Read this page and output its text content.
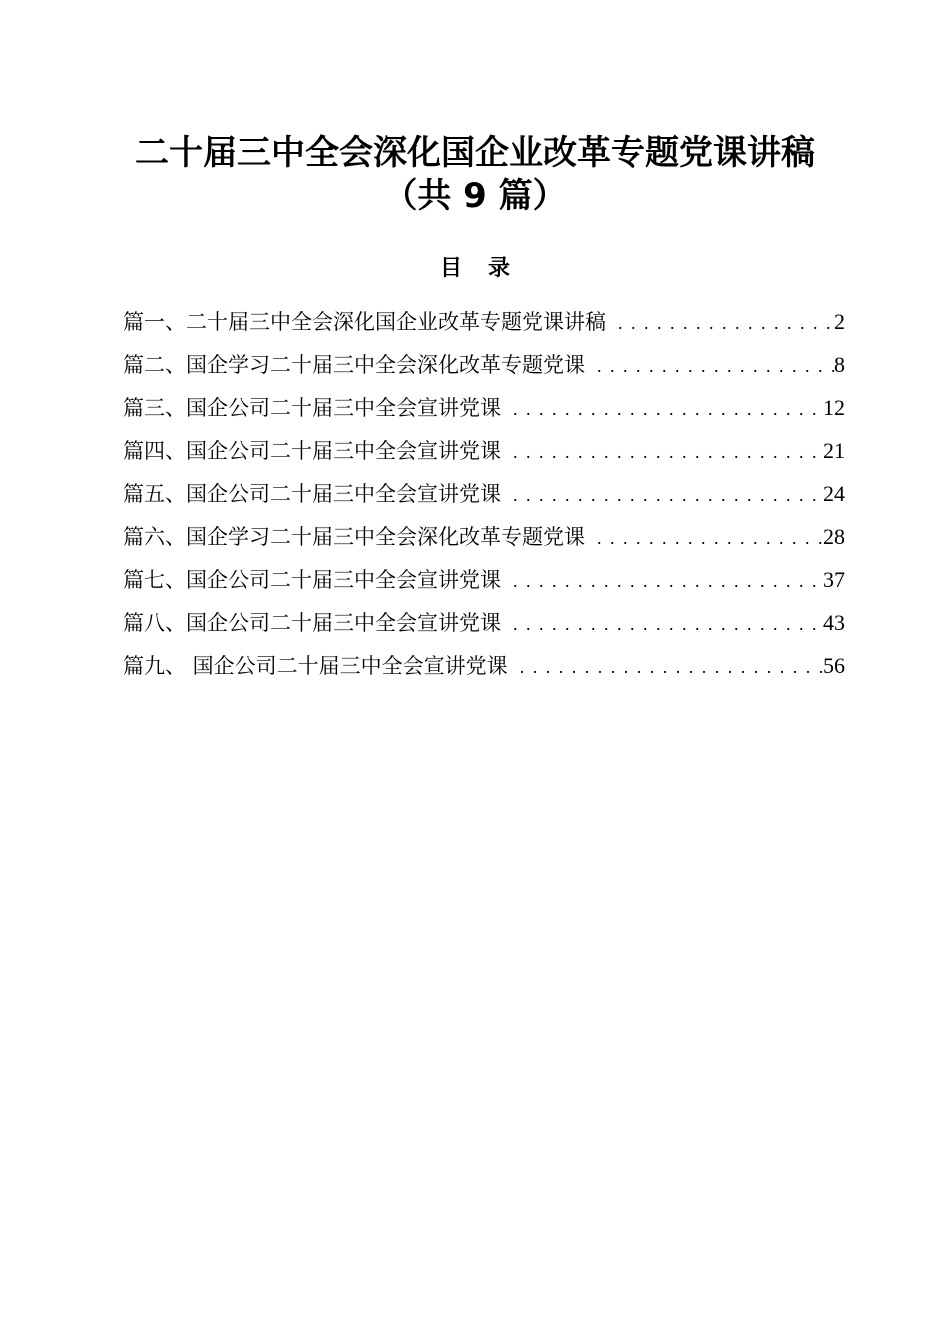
二十届三中全会深化国企业改革专题党课讲稿
（共 9 篇）
目录
篇一、二十届三中全会深化国企业改革专题党课讲稿 . . .	2
篇二、国企学习二十届三中全会深化改革专题党课 . . .	8
篇三、国企公司二十届三中全会宣讲党课 . . .	12
篇四、国企公司二十届三中全会宣讲党课 . . .	21
篇五、国企公司二十届三中全会宣讲党课 . . .	24
篇六、国企学习二十届三中全会深化改革专题党课 . . .	28
篇七、国企公司二十届三中全会宣讲党课 . . .	37
篇八、国企公司二十届三中全会宣讲党课 . . .	43
篇九、 国企公司二十届三中全会宣讲党课 . . .	56
